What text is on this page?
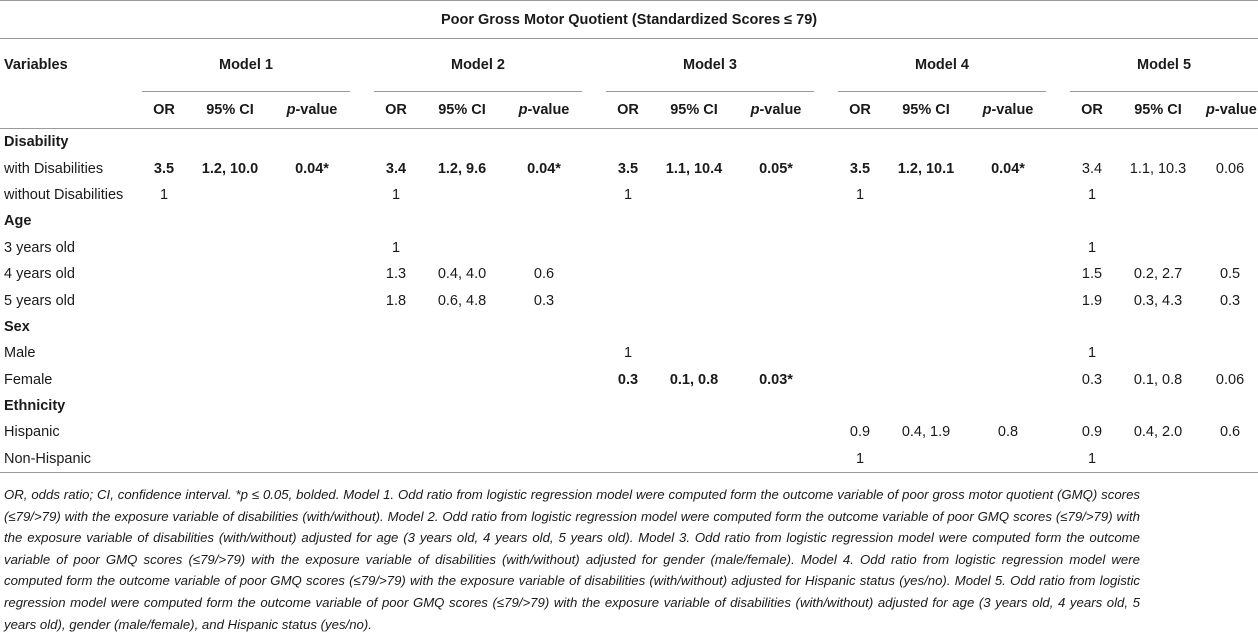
Poor Gross Motor Quotient (Standardized Scores ≤ 79)																			
Variables	Model 1				Model 2				Model 3				Model 4				Model 5		
	OR	95% CI	p-value		OR	95% CI	p-value		OR	95% CI	p-value		OR	95% CI	p-value		OR	95% CI	p-value
Disability																			
with Disabilities	3.5	1.2, 10.0	0.04*		3.4	1.2, 9.6	0.04*		3.5	1.1, 10.4	0.05*		3.5	1.2, 10.1	0.04*		3.4	1.1, 10.3	0.06
without Disabilities	1				1				1				1				1		
Age																			
3 years old					1												1		
4 years old					1.3	0.4, 4.0	0.6										1.5	0.2, 2.7	0.5
5 years old					1.8	0.6, 4.8	0.3										1.9	0.3, 4.3	0.3
Sex																			
Male									1								1		
Female									0.3	0.1, 0.8	0.03*						0.3	0.1, 0.8	0.06
Ethnicity																			
Hispanic													0.9	0.4, 1.9	0.8		0.9	0.4, 2.0	0.6
Non-Hispanic													1				1		
OR, odds ratio; CI, confidence interval. *p ≤ 0.05, bolded. Model 1. Odd ratio from logistic regression model were computed form the outcome variable of poor gross motor quotient (GMQ) scores (≤79/>79) with the exposure variable of disabilities (with/without). Model 2. Odd ratio from logistic regression model were computed form the outcome variable of poor GMQ scores (≤79/>79) with the exposure variable of disabilities (with/without) adjusted for age (3 years old, 4 years old, 5 years old). Model 3. Odd ratio from logistic regression model were computed form the outcome variable of poor GMQ scores (≤79/>79) with the exposure variable of disabilities (with/without) adjusted for gender (male/female). Model 4. Odd ratio from logistic regression model were computed form the outcome variable of poor GMQ scores (≤79/>79) with the exposure variable of disabilities (with/without) adjusted for Hispanic status (yes/no). Model 5. Odd ratio from logistic regression model were computed form the outcome variable of poor GMQ scores (≤79/>79) with the exposure variable of disabilities (with/without) adjusted for age (3 years old, 4 years old, 5 years old), gender (male/female), and Hispanic status (yes/no).
